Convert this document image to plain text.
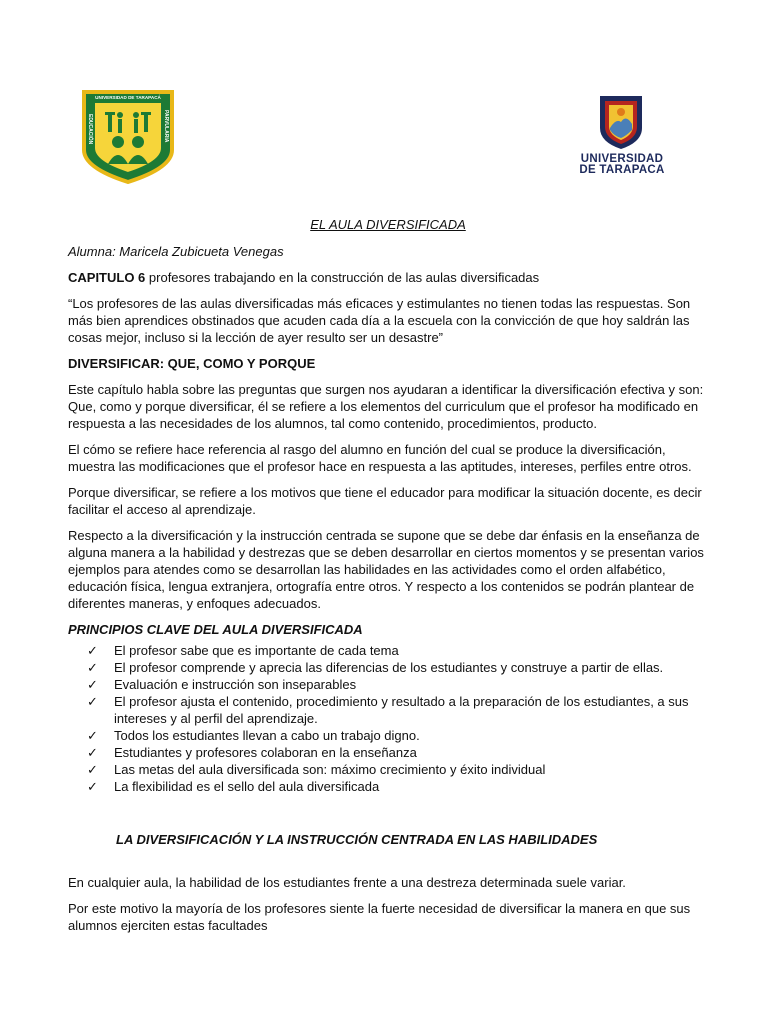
UNIVERSIDAD DE TARAPACÁ
EDUCACIÓN	PARVULARIA
UNIVERSIDAD
DE TARAPACA

EL AULA DIVERSIFICADA

Alumna: Maricela Zubicueta Venegas

CAPITULO 6 profesores trabajando en la construcción de las aulas diversificadas

“Los profesores de las aulas diversificadas más eficaces y estimulantes no tienen todas las respuestas. Son más bien aprendices obstinados que acuden cada día a la escuela con la convicción de que hoy saldrán las cosas mejor, incluso si la lección de ayer resulto ser un desastre”

DIVERSIFICAR: QUE, COMO Y PORQUE

Este capítulo habla sobre las preguntas que surgen nos ayudaran a identificar la diversificación efectiva y son: Que, como y porque diversificar, él se refiere a los elementos del curriculum que el profesor ha modificado en respuesta a las necesidades de los alumnos, tal como contenido, procedimientos, producto.

El cómo se refiere hace referencia al rasgo del alumno en función del cual se produce la diversificación, muestra las modificaciones que el profesor hace en respuesta a las aptitudes, intereses, perfiles entre otros.

Porque diversificar, se refiere a los motivos que tiene el educador para modificar la situación docente, es decir facilitar el acceso al aprendizaje.

Respecto a la diversificación y la instrucción centrada se supone que se debe dar énfasis en la enseñanza de alguna manera a la habilidad y destrezas que se deben desarrollar en ciertos momentos y se presentan varios ejemplos para atendes como se desarrollan las habilidades en las actividades como el orden alfabético, educación física, lengua extranjera, ortografía entre otros. Y respecto a los contenidos se podrán plantear de diferentes maneras, y enfoques adecuados.

PRINCIPIOS CLAVE DEL AULA DIVERSIFICADA

✓ El profesor sabe que es importante de cada tema
✓ El profesor comprende y aprecia las diferencias de los estudiantes y construye a partir de ellas.
✓ Evaluación e instrucción son inseparables
✓ El profesor ajusta el contenido, procedimiento y resultado a la preparación de los estudiantes, a sus intereses y al perfil del aprendizaje.
✓ Todos los estudiantes llevan a cabo un trabajo digno.
✓ Estudiantes y profesores colaboran en la enseñanza
✓ Las metas del aula diversificada son: máximo crecimiento y éxito individual
✓ La flexibilidad es el sello del aula diversificada

LA DIVERSIFICACIÓN Y LA INSTRUCCIÓN CENTRADA EN LAS HABILIDADES

En cualquier aula, la habilidad de los estudiantes frente a una destreza determinada suele variar.

Por este motivo la mayoría de los profesores siente la fuerte necesidad de diversificar la manera en que sus alumnos ejerciten estas facultades
